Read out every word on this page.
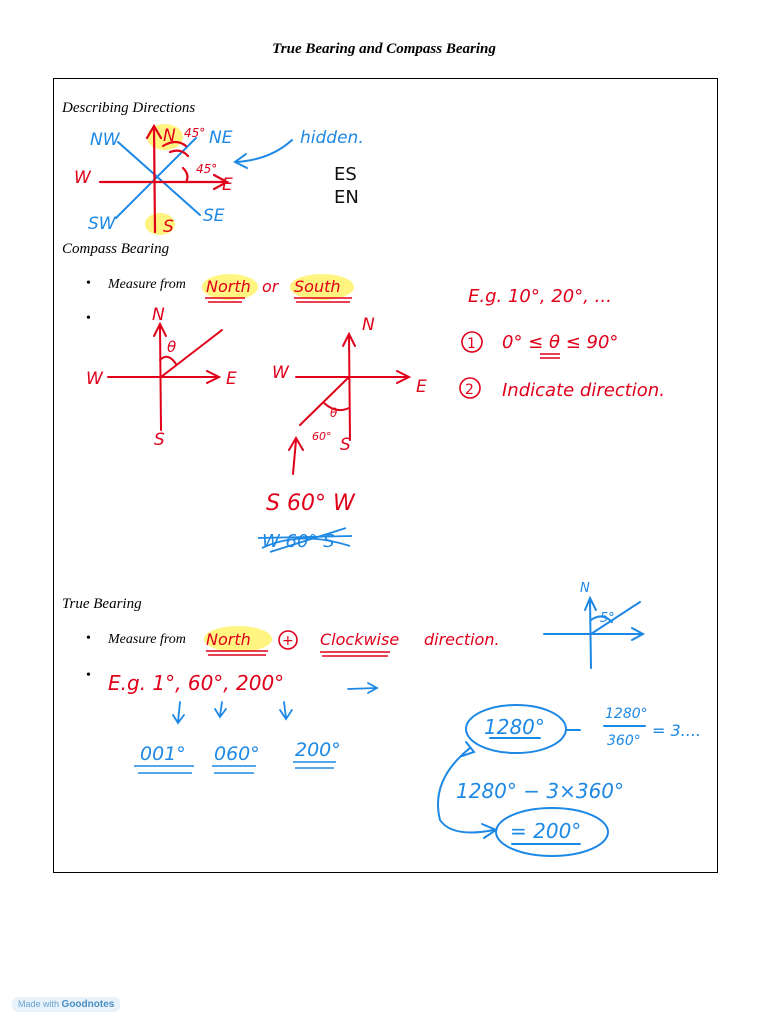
True Bearing and Compass Bearing
Describing Directions
Compass Bearing
True Bearing
• Measure from
•
• Measure from
•
NW	N 45° NE
W	45°
E
SW	S
SE
hidden.
ES
EN
North or South	E.g. 10°, 20°, ...
1 0° ≤ θ ≤ 90°
2 Indicate direction.
N
W	E
S
θ
N
W
E
S
θ
60°
S 60° W
W 60° S
North + Clockwise direction.
N
5°
E.g. 1°, 60°, 200°
001° 060° 200°
1280°
1280°
360°
= 3....
1280° − 3×360°
= 200°
Made with Goodnotes
